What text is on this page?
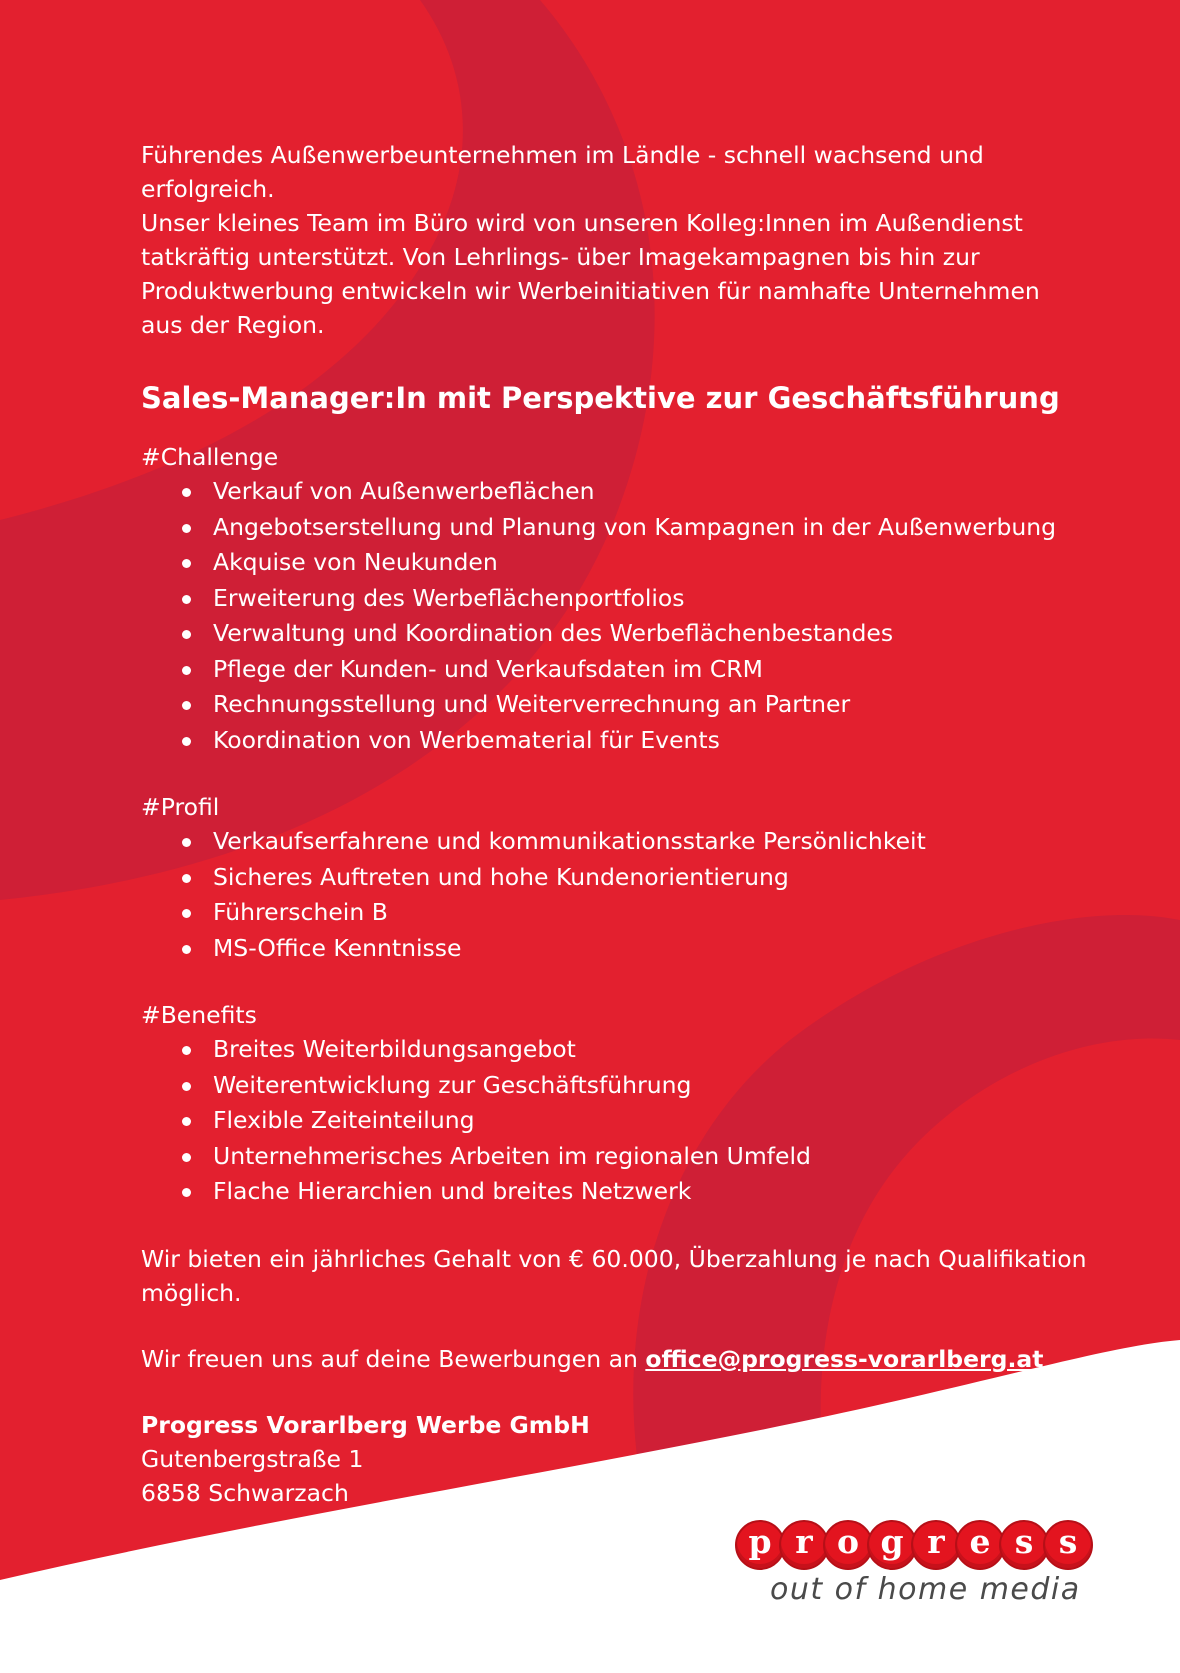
Führendes Außenwerbeunternehmen im Ländle - schnell wachsend und

erfolgreich.

Unser kleines Team im Büro wird von unseren Kolleg:Innen im Außendienst

tatkräftig unterstützt. Von Lehrlings- über Imagekampagnen bis hin zur

Produktwerbung entwickeln wir Werbeinitiativen für namhafte Unternehmen

aus der Region.

Sales-Manager:In mit Perspektive zur Geschäftsführung

#Challenge

Verkauf von Außenwerbeflächen
Angebotserstellung und Planung von Kampagnen in der Außenwerbung
Akquise von Neukunden
Erweiterung des Werbeflächenportfolios
Verwaltung und Koordination des Werbeflächenbestandes
Pflege der Kunden- und Verkaufsdaten im CRM
Rechnungsstellung und Weiterverrechnung an Partner
Koordination von Werbematerial für Events

#Profil

Verkaufserfahrene und kommunikationsstarke Persönlichkeit
Sicheres Auftreten und hohe Kundenorientierung
Führerschein B
MS-Office Kenntnisse

#Benefits

Breites Weiterbildungsangebot
Weiterentwicklung zur Geschäftsführung
Flexible Zeiteinteilung
Unternehmerisches Arbeiten im regionalen Umfeld
Flache Hierarchien und breites Netzwerk

Wir bieten ein jährliches Gehalt von € 60.000, Überzahlung je nach Qualifikation möglich.

Wir freuen uns auf deine Bewerbungen an office@progress-vorarlberg.at

Progress Vorarlberg Werbe GmbH

Gutenbergstraße 1

6858 Schwarzach

p r o g r e s s
out of home media
